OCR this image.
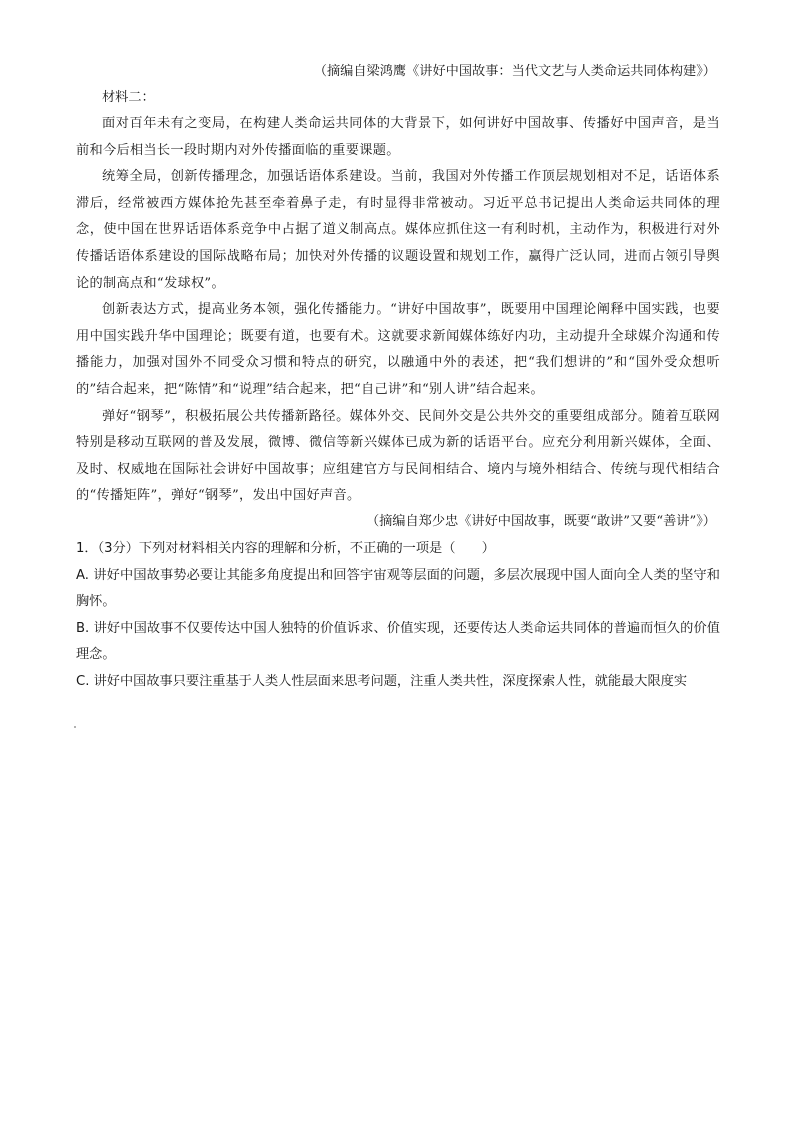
（摘编自梁鸿鹰《讲好中国故事：当代文艺与人类命运共同体构建》）

材料二：

面对百年未有之变局，在构建人类命运共同体的大背景下，如何讲好中国故事、传播好中国声音，是当前和今后相当长一段时期内对外传播面临的重要课题。

统筹全局，创新传播理念，加强话语体系建设。当前，我国对外传播工作顶层规划相对不足，话语体系滞后，经常被西方媒体抢先甚至牵着鼻子走，有时显得非常被动。习近平总书记提出人类命运共同体的理念，使中国在世界话语体系竞争中占据了道义制高点。媒体应抓住这一有利时机，主动作为，积极进行对外传播话语体系建设的国际战略布局；加快对外传播的议题设置和规划工作，赢得广泛认同，进而占领引导舆论的制高点和“发球权”。

创新表达方式，提高业务本领，强化传播能力。“讲好中国故事”，既要用中国理论阐释中国实践，也要用中国实践升华中国理论；既要有道，也要有术。这就要求新闻媒体练好内功，主动提升全球媒介沟通和传播能力，加强对国外不同受众习惯和特点的研究，以融通中外的表述，把“我们想讲的”和“国外受众想听的”结合起来，把“陈情”和“说理”结合起来，把“自己讲”和“别人讲”结合起来。

弹好“钢琴”，积极拓展公共传播新路径。媒体外交、民间外交是公共外交的重要组成部分。随着互联网特别是移动互联网的普及发展，微博、微信等新兴媒体已成为新的话语平台。应充分利用新兴媒体，全面、及时、权威地在国际社会讲好中国故事；应组建官方与民间相结合、境内与境外相结合、传统与现代相结合的“传播矩阵”，弹好“钢琴”，发出中国好声音。

（摘编自郑少忠《讲好中国故事，既要“敢讲”又要“善讲”》）

1．（3分）下列对材料相关内容的理解和分析，不正确的一项是（　　）

A. 讲好中国故事势必要让其能多角度提出和回答宇宙观等层面的问题，多层次展现中国人面向全人类的坚守和胸怀。

B. 讲好中国故事不仅要传达中国人独特的价值诉求、价值实现，还要传达人类命运共同体的普遍而恒久的价值理念。

C. 讲好中国故事只要注重基于人类人性层面来思考问题，注重人类共性，深度探索人性，就能最大限度实
